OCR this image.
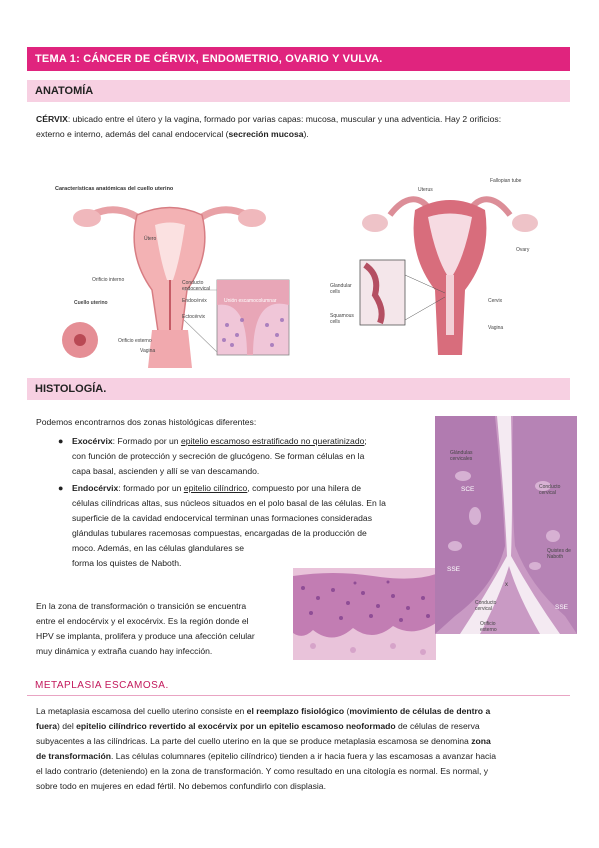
TEMA 1: CÁNCER DE CÉRVIX, ENDOMETRIO, OVARIO Y VULVA.
ANATOMÍA
CÉRVIX: ubicado entre el útero y la vagina, formado por varias capas: mucosa, muscular y una adventicia. Hay 2 orificios:
externo e interno, además del canal endocervical (secreción mucosa).
Características anatómicas del cuello uterino
Útero
Orificio interno	Conducto endocervical
Endocérvix
Cuello uterino
Ectocérvix
Unión escamocolumnar
Orificio externo
Vagina
Uterus
Fallopian tube
Ovary
Glandular cells
Squamous cells
Cervix
Vagina
HISTOLOGÍA.
Podemos encontrarnos dos zonas histológicas diferentes:
● Exocérvix: Formado por un epitelio escamoso estratificado no queratinizado;
con función de protección y secreción de glucógeno. Se forman células en la
capa basal, ascienden y allí se van descamando.
● Endocérvix: formado por un epitelio cilíndrico, compuesto por una hilera de
células cilíndricas altas, sus núcleos situados en el polo basal de las células. En la
superficie de la cavidad endocervical terminan unas formaciones consideradas
glándulas tubulares racemosas compuestas, encargadas de la producción de
moco. Además, en las células glandulares se
forma los quistes de Naboth.
En la zona de transformación o transición se encuentra
entre el endocérvix y el exocérvix. Es la región donde el
HPV se implanta, prolifera y produce una afección celular
muy dinámica y extraña cuando hay infección.
Glándulas cervicales
SCE	Conducto cervical
Quistes de Naboth
SSE
x
SSE
Conducto cervical
Orificio externo
METAPLASIA ESCAMOSA.
La metaplasia escamosa del cuello uterino consiste en el reemplazo fisiológico (movimiento de células de dentro a
fuera) del epitelio cilíndrico revertido al exocérvix por un epitelio escamoso neoformado de células de reserva
subyacentes a las cilíndricas. La parte del cuello uterino en la que se produce metaplasia escamosa se denomina zona
de transformación. Las células columnares (epitelio cilíndrico) tienden a ir hacia fuera y las escamosas a avanzar hacia
el lado contrario (deteniendo) en la zona de transformación. Y como resultado en una citología es normal. Es normal, y
sobre todo en mujeres en edad fértil. No debemos confundirlo con displasia.
